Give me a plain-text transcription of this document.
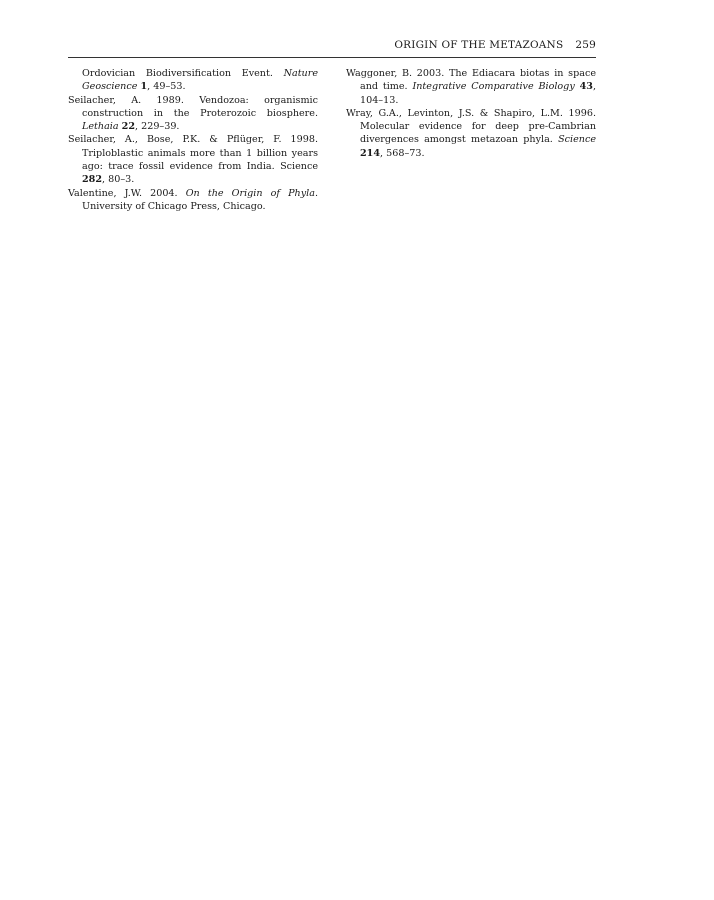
ORIGIN OF THE METAZOANS 259

Ordovician Biodiversification Event. Nature Geoscience 1, 49–53.

Seilacher, A. 1989. Vendozoa: organismic construction in the Proterozoic biosphere. Lethaia 22, 229–39.

Seilacher, A., Bose, P.K. & Pflüger, F. 1998. Triploblastic animals more than 1 billion years ago: trace fossil evidence from India. Science 282, 80–3.

Valentine, J.W. 2004. On the Origin of Phyla. University of Chicago Press, Chicago.

Waggoner, B. 2003. The Ediacara biotas in space and time. Integrative Comparative Biology 43, 104–13.

Wray, G.A., Levinton, J.S. & Shapiro, L.M. 1996. Molecular evidence for deep pre-Cambrian divergences amongst metazoan phyla. Science 214, 568–73.
